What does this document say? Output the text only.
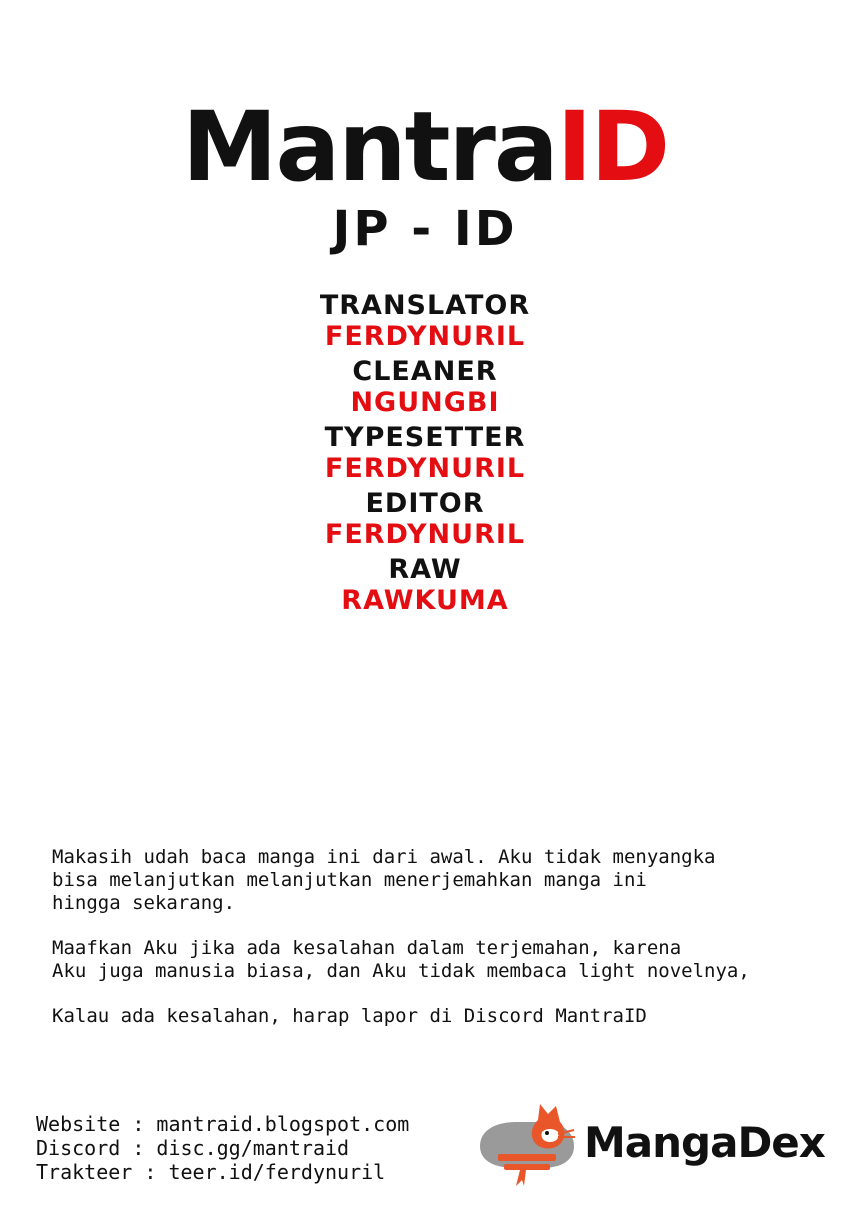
MantraID
JP - ID
TRANSLATOR
FERDYNURIL
CLEANER
NGUNGBI
TYPESETTER
FERDYNURIL
EDITOR
FERDYNURIL
RAW
RAWKUMA

Makasih udah baca manga ini dari awal. Aku tidak menyangka
bisa melanjutkan melanjutkan menerjemahkan manga ini
hingga sekarang.

Maafkan Aku jika ada kesalahan dalam terjemahan, karena
Aku juga manusia biasa, dan Aku tidak membaca light novelnya,

Kalau ada kesalahan, harap lapor di Discord MantraID

Website : mantraid.blogspot.com
Discord : disc.gg/mantraid
Trakteer : teer.id/ferdynuril
MangaDex
